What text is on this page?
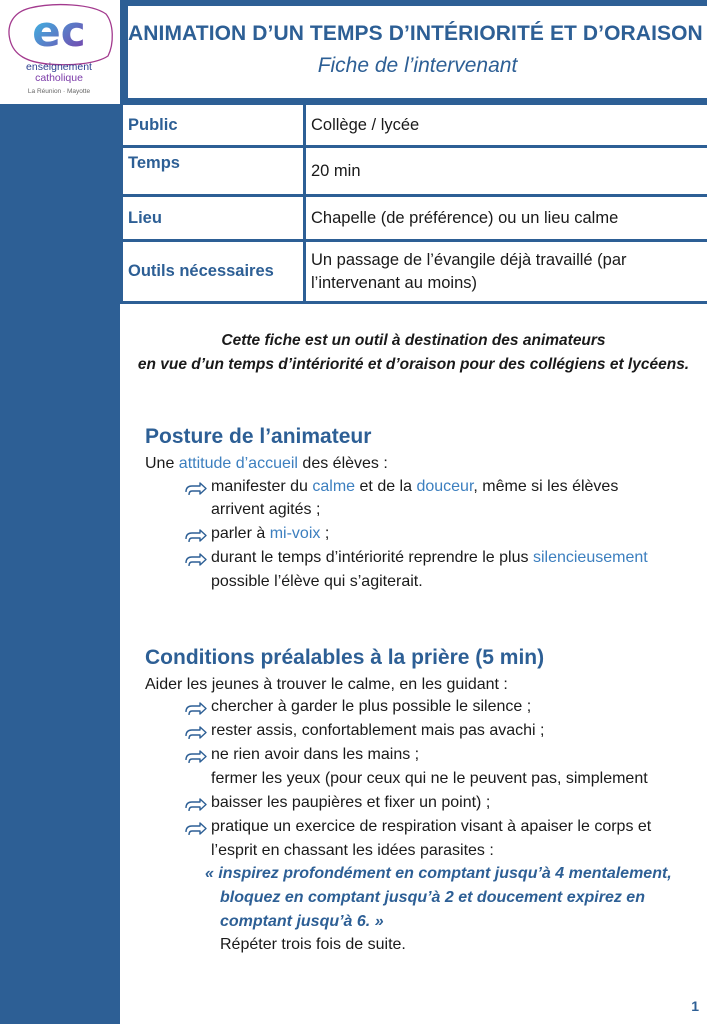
ec
enseignement
catholique
La Réunion · Mayotte
ANIMATION D’UN TEMPS D’INTÉRIORITÉ ET D’ORAISON
Fiche de l’intervenant
Public	Collège / lycée
Temps	20 min
Lieu	Chapelle (de préférence) ou un lieu calme
Outils nécessaires	Un passage de l’évangile déjà travaillé (par
l’intervenant au moins)
Cette fiche est un outil à destination des animateurs
en vue d’un temps d’intériorité et d’oraison pour des collégiens et lycéens.
Posture de l’animateur
Une attitude d’accueil des élèves :
manifester du calme et de la douceur, même si les élèves
arrivent agités ;
parler à mi-voix ;
durant le temps d’intériorité reprendre le plus silencieusement
possible l’élève qui s’agiterait.
Conditions préalables à la prière (5 min)
Aider les jeunes à trouver le calme, en les guidant :
chercher à garder le plus possible le silence ;
rester assis, confortablement mais pas avachi ;
ne rien avoir dans les mains ;
fermer les yeux (pour ceux qui ne le peuvent pas, simplement
baisser les paupières et fixer un point) ;
pratique un exercice de respiration visant à apaiser le corps et
l’esprit en chassant les idées parasites :
« inspirez profondément en comptant jusqu’à 4 mentalement,
bloquez en comptant jusqu’à 2 et doucement expirez en
comptant jusqu’à 6. »
Répéter trois fois de suite.
1
